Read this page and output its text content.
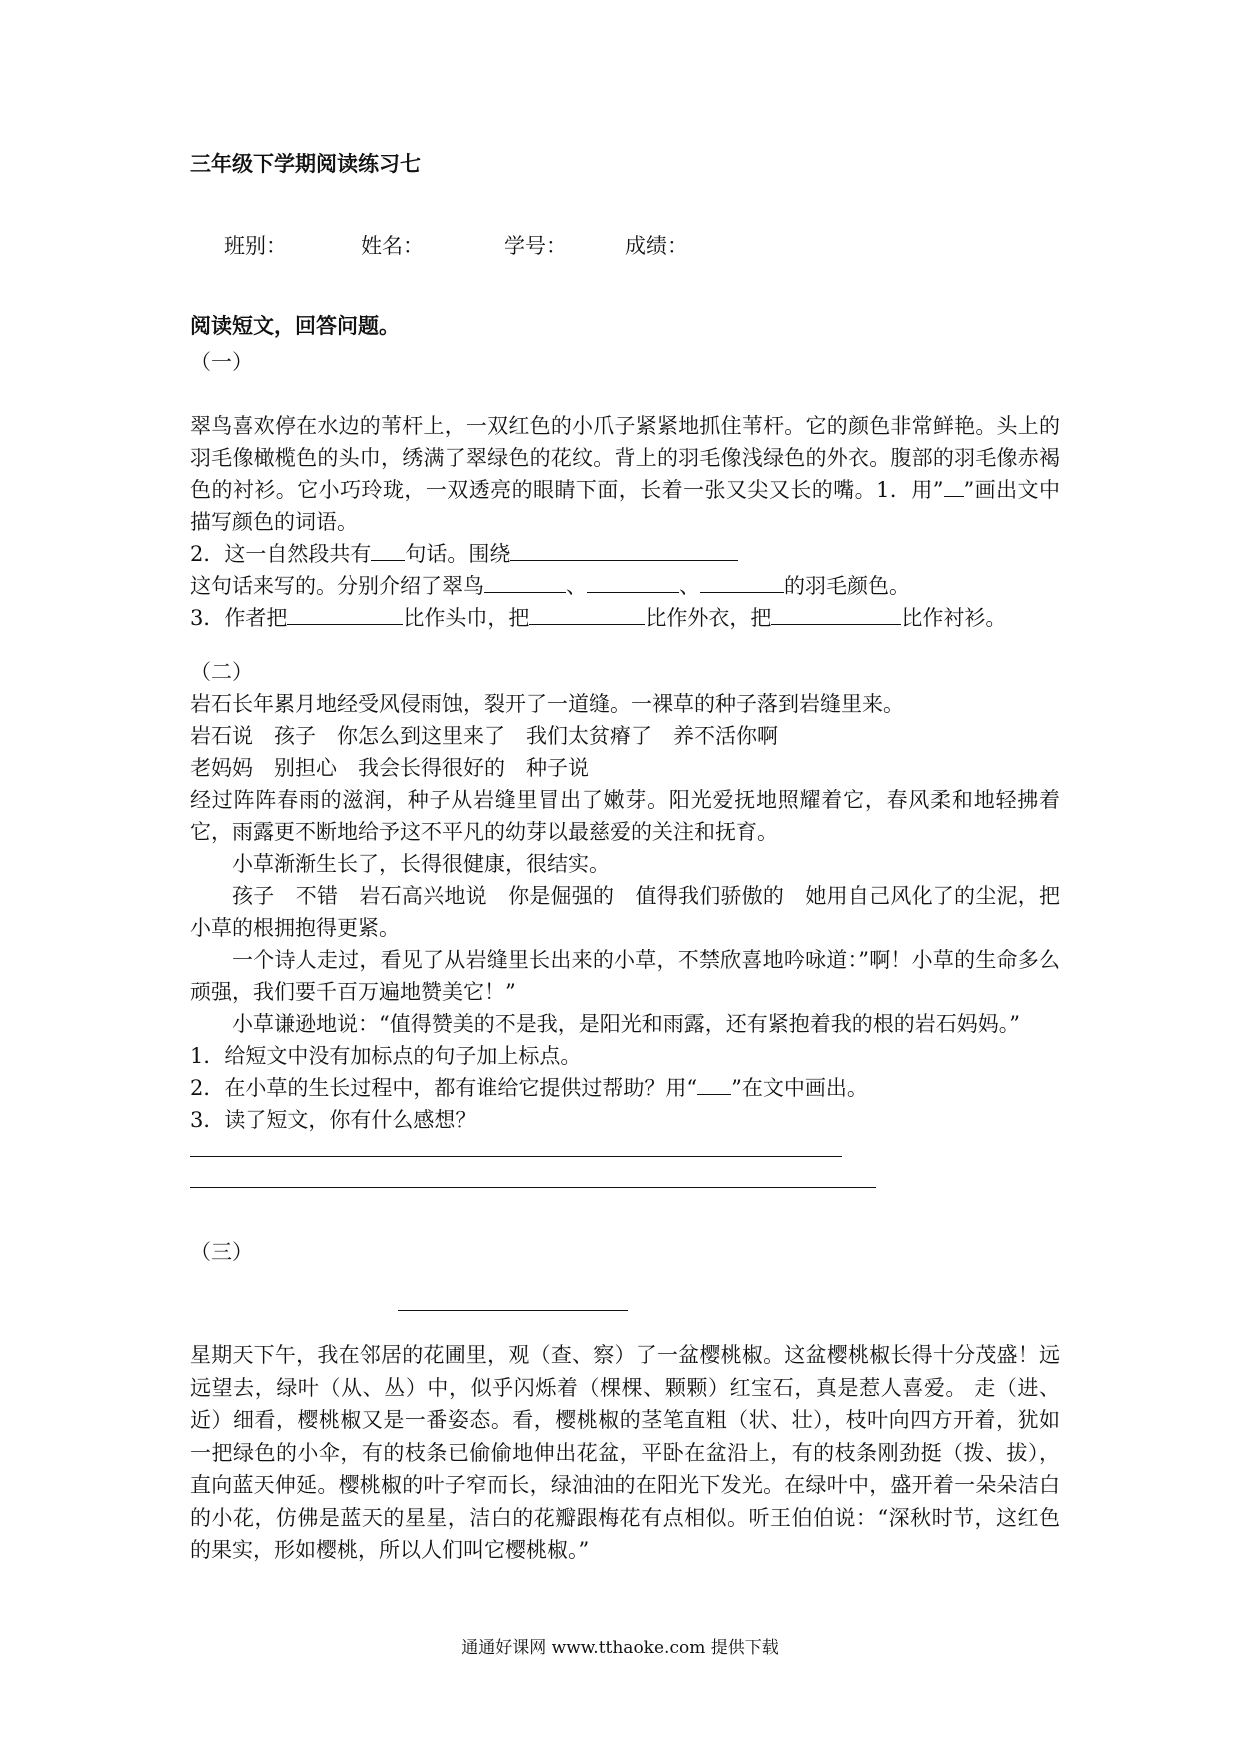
三年级下学期阅读练习七
班别：	姓名：	学号：	成绩：
阅读短文，回答问题。
（一）

翠鸟喜欢停在水边的苇杆上，一双红色的小爪子紧紧地抓住苇杆。它的颜色非常鲜艳。头上的羽毛像橄榄色的头巾，绣满了翠绿色的花纹。背上的羽毛像浅绿色的外衣。腹部的羽毛像赤褐色的衬衫。它小巧玲珑，一双透亮的眼睛下面，长着一张又尖又长的嘴。1．用” ”画出文中描写颜色的词语。

2．这一自然段共有 句话。围绕

这句话来写的。分别介绍了翠鸟	、	、	的羽毛颜色。

3．作者把	比作头巾，把	比作外衣，把	比作衬衫。

（二）

岩石长年累月地经受风侵雨蚀，裂开了一道缝。一裸草的种子落到岩缝里来。

岩石说　孩子　你怎么到这里来了　我们太贫瘠了　养不活你啊

老妈妈　别担心　我会长得很好的　种子说

经过阵阵春雨的滋润，种子从岩缝里冒出了嫩芽。阳光爱抚地照耀着它，春风柔和地轻拂着它，雨露更不断地给予这不平凡的幼芽以最慈爱的关注和抚育。

小草渐渐生长了，长得很健康，很结实。

孩子　不错　岩石高兴地说　你是倔强的　值得我们骄傲的　她用自己风化了的尘泥，把小草的根拥抱得更紧。

一个诗人走过，看见了从岩缝里长出来的小草，不禁欣喜地吟咏道：”啊！小草的生命多么顽强，我们要千百万遍地赞美它！”

小草谦逊地说：“值得赞美的不是我，是阳光和雨露，还有紧抱着我的根的岩石妈妈。”

1．给短文中没有加标点的句子加上标点。

2．在小草的生长过程中，都有谁给它提供过帮助？用“ ”在文中画出。

3．读了短文，你有什么感想？

（三）

星期天下午，我在邻居的花圃里，观（查、察）了一盆樱桃椒。这盆樱桃椒长得十分茂盛！远远望去，绿叶（从、丛）中，似乎闪烁着（棵棵、颗颗）红宝石，真是惹人喜爱。 走（进、近）细看，樱桃椒又是一番姿态。看，樱桃椒的茎笔直粗（状、壮），枝叶向四方开着，犹如一把绿色的小伞，有的枝条已偷偷地伸出花盆，平卧在盆沿上，有的枝条刚劲挺（拨、拔），直向蓝天伸延。樱桃椒的叶子窄而长，绿油油的在阳光下发光。在绿叶中，盛开着一朵朵洁白的小花，仿佛是蓝天的星星，洁白的花瓣跟梅花有点相似。听王伯伯说：“深秋时节，这红色的果实，形如樱桃，所以人们叫它樱桃椒。”

通通好课网 www.tthaoke.com 提供下载
